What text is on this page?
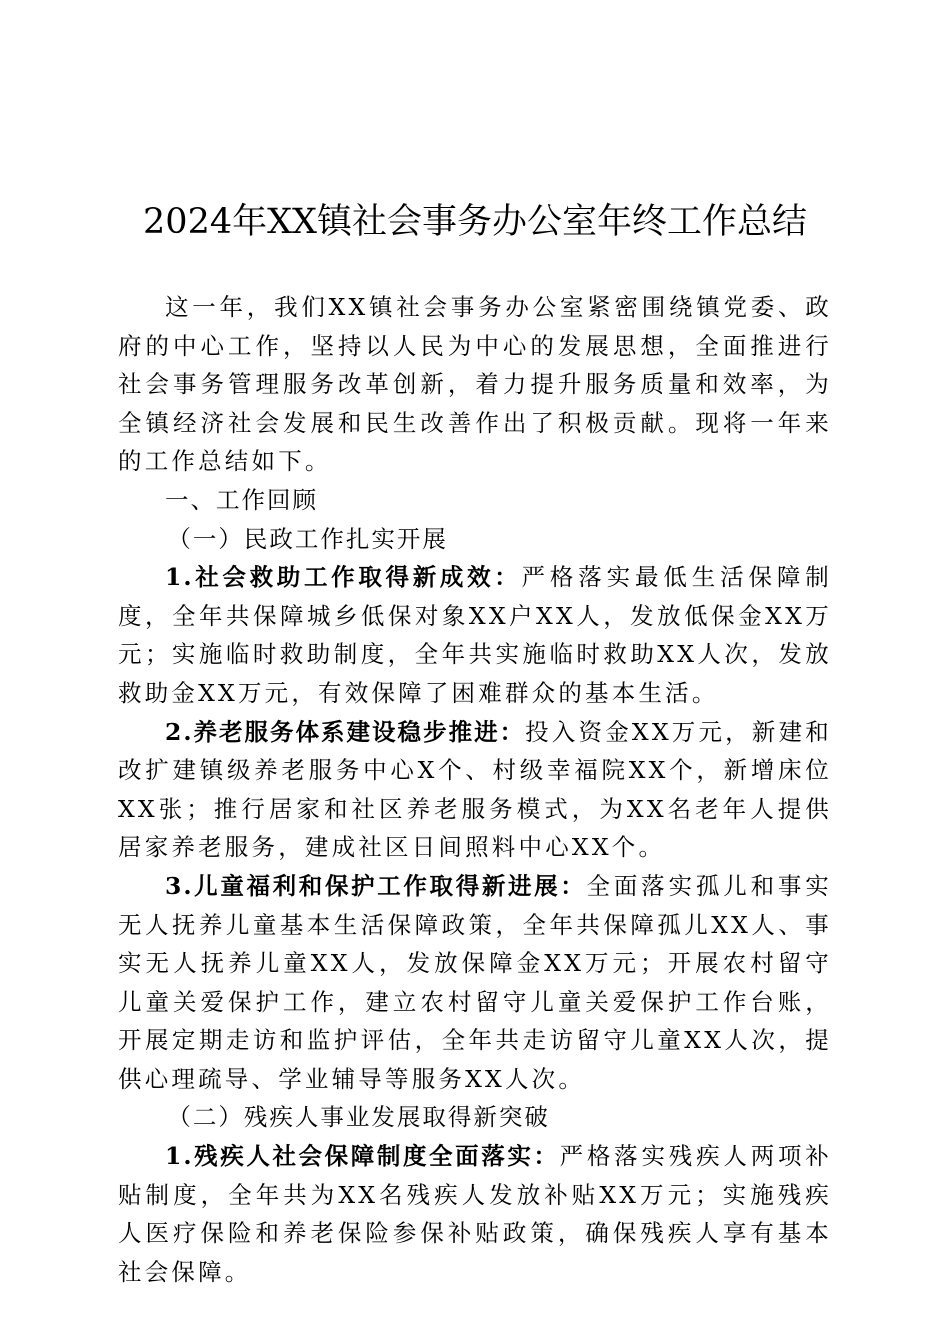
2024年XX镇社会事务办公室年终工作总结

这一年，我们XX镇社会事务办公室紧密围绕镇党委、政府的中心工作，坚持以人民为中心的发展思想，全面推进行社会事务管理服务改革创新，着力提升服务质量和效率，为全镇经济社会发展和民生改善作出了积极贡献。现将一年来的工作总结如下。

一、工作回顾

（一）民政工作扎实开展

1.社会救助工作取得新成效：严格落实最低生活保障制度，全年共保障城乡低保对象XX户XX人，发放低保金XX万元；实施临时救助制度，全年共实施临时救助XX人次，发放救助金XX万元，有效保障了困难群众的基本生活。

2.养老服务体系建设稳步推进：投入资金XX万元，新建和改扩建镇级养老服务中心X个、村级幸福院XX个，新增床位XX张；推行居家和社区养老服务模式，为XX名老年人提供居家养老服务，建成社区日间照料中心XX个。

3.儿童福利和保护工作取得新进展：全面落实孤儿和事实无人抚养儿童基本生活保障政策，全年共保障孤儿XX人、事实无人抚养儿童XX人，发放保障金XX万元；开展农村留守儿童关爱保护工作，建立农村留守儿童关爱保护工作台账，开展定期走访和监护评估，全年共走访留守儿童XX人次，提供心理疏导、学业辅导等服务XX人次。

（二）残疾人事业发展取得新突破

1.残疾人社会保障制度全面落实：严格落实残疾人两项补贴制度，全年共为XX名残疾人发放补贴XX万元；实施残疾人医疗保险和养老保险参保补贴政策，确保残疾人享有基本社会保障。
